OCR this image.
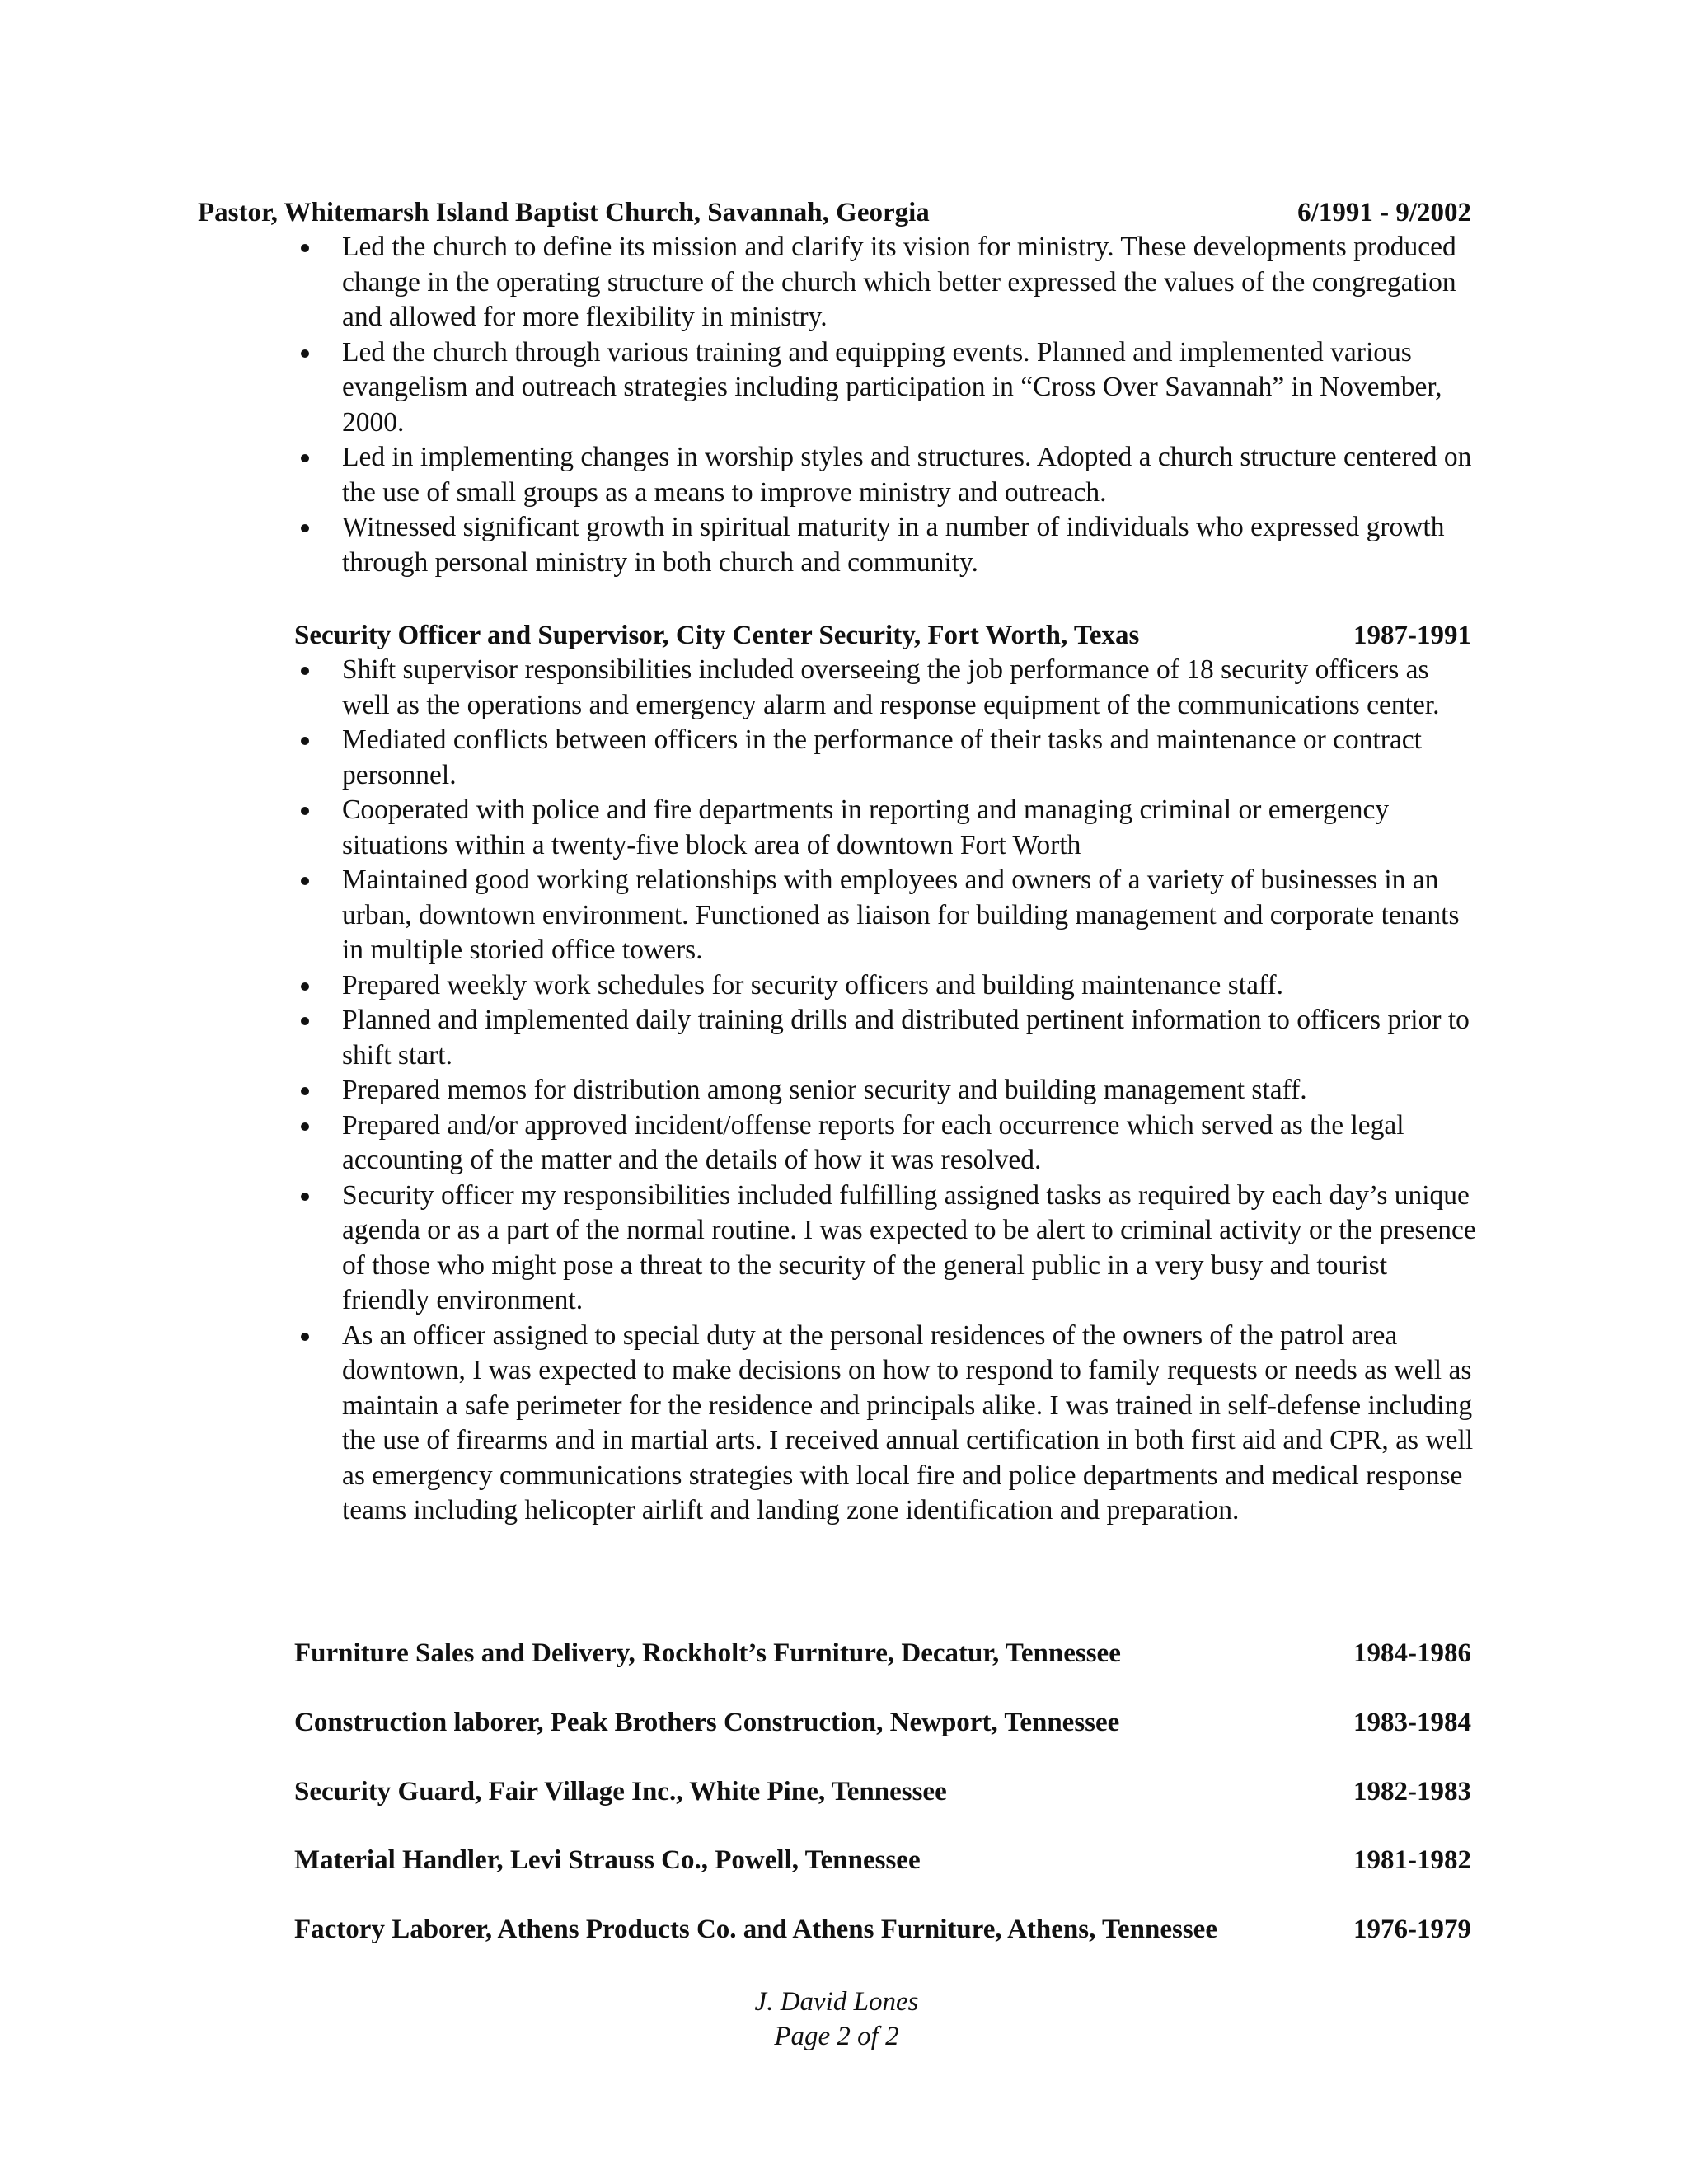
Pastor, Whitemarsh Island Baptist Church, Savannah, Georgia	6/1991 - 9/2002
Led the church to define its mission and clarify its vision for ministry. These developments produced change in the operating structure of the church which better expressed the values of the congregation and allowed for more flexibility in ministry.
Led the church through various training and equipping events. Planned and implemented various evangelism and outreach strategies including participation in “Cross Over Savannah” in November, 2000.
Led in implementing changes in worship styles and structures. Adopted a church structure centered on the use of small groups as a means to improve ministry and outreach.
Witnessed significant growth in spiritual maturity in a number of individuals who expressed growth through personal ministry in both church and community.
Security Officer and Supervisor, City Center Security, Fort Worth, Texas	1987-1991
Shift supervisor responsibilities included overseeing the job performance of 18 security officers as well as the operations and emergency alarm and response equipment of the communications center.
Mediated conflicts between officers in the performance of their tasks and maintenance or contract personnel.
Cooperated with police and fire departments in reporting and managing criminal or emergency situations within a twenty-five block area of downtown Fort Worth
Maintained good working relationships with employees and owners of a variety of businesses in an urban, downtown environment. Functioned as liaison for building management and corporate tenants in multiple storied office towers.
Prepared weekly work schedules for security officers and building maintenance staff.
Planned and implemented daily training drills and distributed pertinent information to officers prior to shift start.
Prepared memos for distribution among senior security and building management staff.
Prepared and/or approved incident/offense reports for each occurrence which served as the legal accounting of the matter and the details of how it was resolved.
Security officer my responsibilities included fulfilling assigned tasks as required by each day’s unique agenda or as a part of the normal routine. I was expected to be alert to criminal activity or the presence of those who might pose a threat to the security of the general public in a very busy and tourist friendly environment.
As an officer assigned to special duty at the personal residences of the owners of the patrol area downtown, I was expected to make decisions on how to respond to family requests or needs as well as maintain a safe perimeter for the residence and principals alike. I was trained in self-defense including the use of firearms and in martial arts. I received annual certification in both first aid and CPR, as well as emergency communications strategies with local fire and police departments and medical response teams including helicopter airlift and landing zone identification and preparation.
Furniture Sales and Delivery, Rockholt’s Furniture, Decatur, Tennessee	1984-1986
Construction laborer, Peak Brothers Construction, Newport, Tennessee	1983-1984
Security Guard, Fair Village Inc., White Pine, Tennessee	1982-1983
Material Handler, Levi Strauss Co., Powell, Tennessee	1981-1982
Factory Laborer, Athens Products Co. and Athens Furniture, Athens, Tennessee	1976-1979
J. David Lones
Page 2 of 2
